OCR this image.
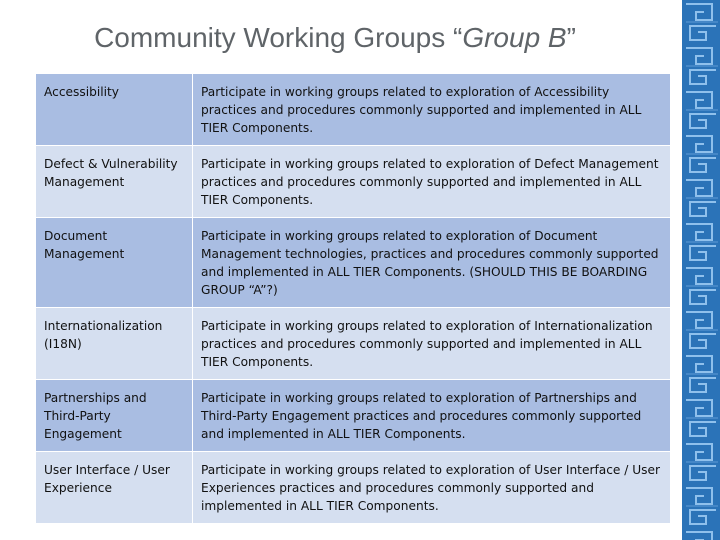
Community Working Groups “Group B”
Accessibility	Participate in working groups related to exploration of Accessibility practices and procedures commonly supported and implemented in ALL TIER Components.
Defect & Vulnerability Management	Participate in working groups related to exploration of Defect Management practices and procedures commonly supported and implemented in ALL TIER Components.
Document Management	Participate in working groups related to exploration of Document Management technologies, practices and procedures commonly supported and implemented in ALL TIER Components. (SHOULD THIS BE BOARDING GROUP “A”?)
Internationalization (I18N)	Participate in working groups related to exploration of Internationalization practices and procedures commonly supported and implemented in ALL TIER Components.
Partnerships and Third-Party Engagement	Participate in working groups related to exploration of Partnerships and Third-Party Engagement practices and procedures commonly supported and implemented in ALL TIER Components.
User Interface / User Experience	Participate in working groups related to exploration of User Interface / User Experiences practices and procedures commonly supported and implemented in ALL TIER Components.
